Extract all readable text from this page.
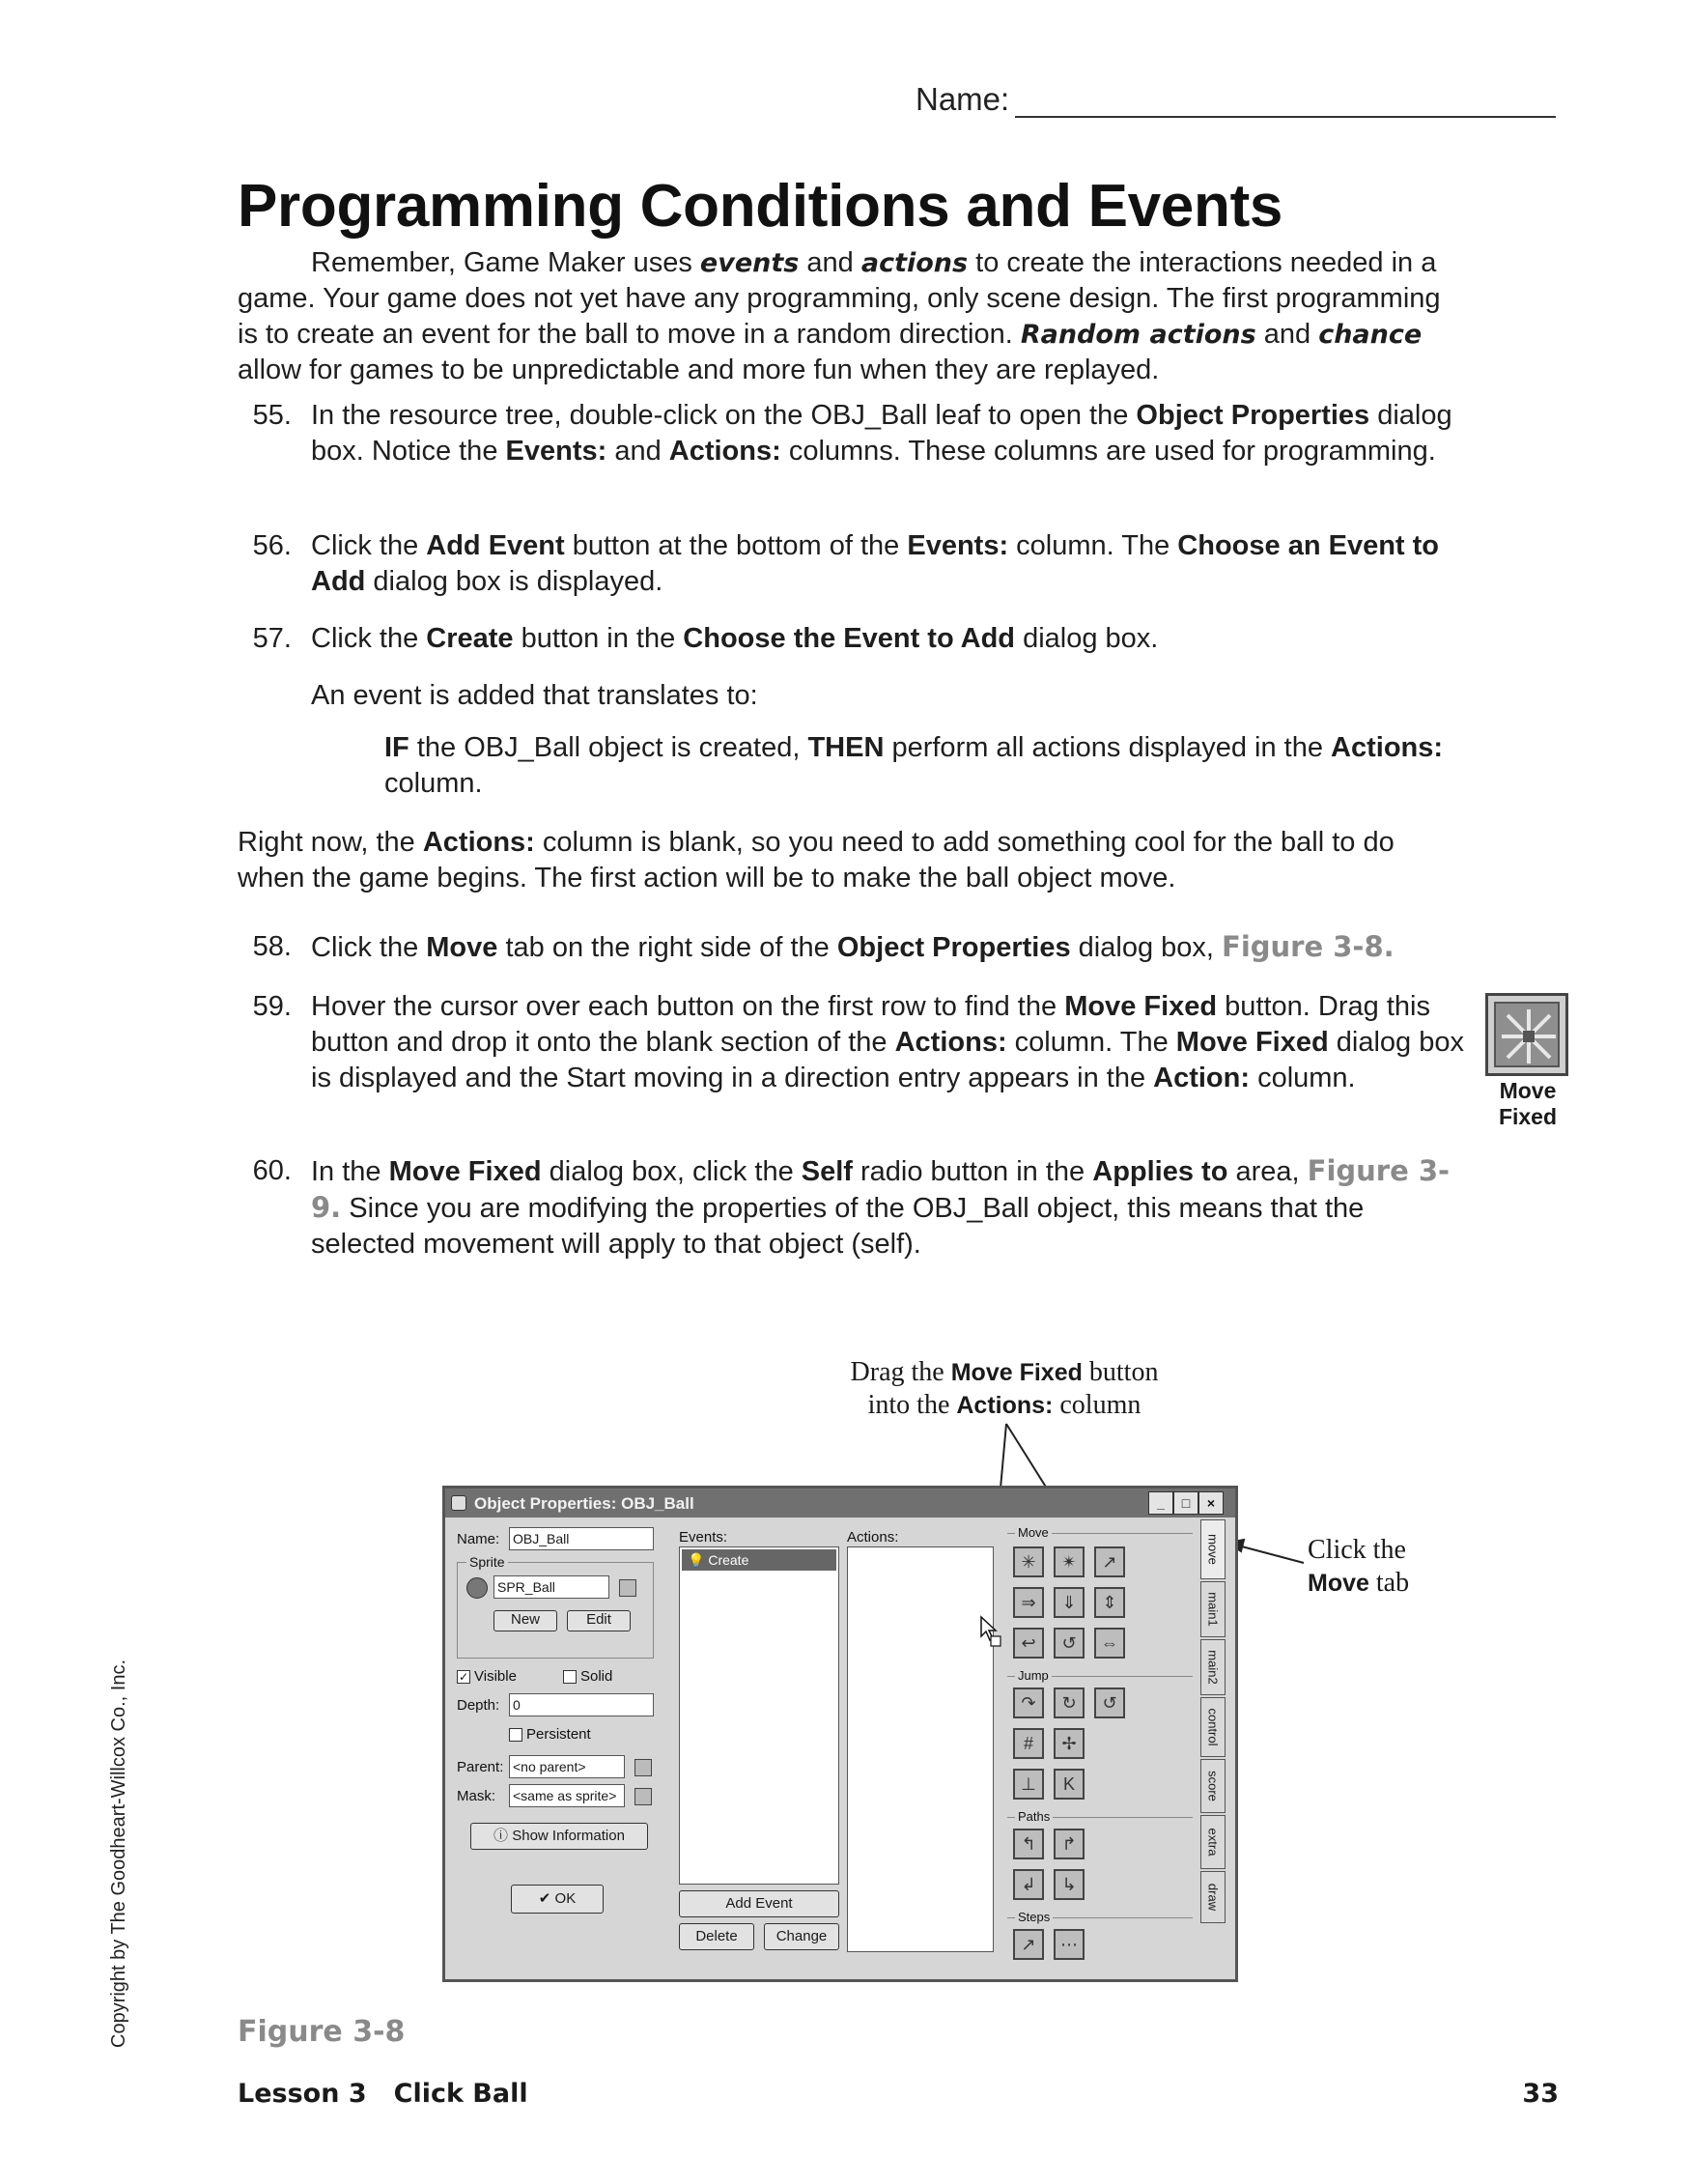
Name:
Programming Conditions and Events
Remember, Game Maker uses events and actions to create the interactions needed in a game. Your game does not yet have any programming, only scene design. The first programming is to create an event for the ball to move in a random direction. Random actions and chance allow for games to be unpredictable and more fun when they are replayed.
55. In the resource tree, double-click on the OBJ_Ball leaf to open the Object Properties dialog box. Notice the Events: and Actions: columns. These columns are used for programming.
56. Click the Add Event button at the bottom of the Events: column. The Choose an Event to Add dialog box is displayed.
57. Click the Create button in the Choose the Event to Add dialog box.
An event is added that translates to:
IF the OBJ_Ball object is created, THEN perform all actions displayed in the Actions: column.
Right now, the Actions: column is blank, so you need to add something cool for the ball to do when the game begins. The first action will be to make the ball object move.
58. Click the Move tab on the right side of the Object Properties dialog box, Figure 3-8.
59. Hover the cursor over each button on the first row to find the Move Fixed button. Drag this button and drop it onto the blank section of the Actions: column. The Move Fixed dialog box is displayed and the Start moving in a direction entry appears in the Action: column.
60. In the Move Fixed dialog box, click the Self radio button in the Applies to area, Figure 3-9. Since you are modifying the properties of the OBJ_Ball object, this means that the selected movement will apply to that object (self).
Move
Fixed
Drag the Move Fixed button
into the Actions: column
Click the
Move tab
Object Properties: OBJ_Ball	_	□	×
Name: OBJ_Ball
Sprite
SPR_Ball
New	Edit
✓ Visible	Solid
Depth: 0
Persistent
Parent: <no parent>
Mask: <same as sprite>
ⓘ Show Information
✔ OK
Events:
💡 Create
Add Event
Delete	Change
Actions:	Move
✳	✴	↗
⇒	⇓	⇕
↩	↺	⇔
Jump
↷	↻	↺
#	✢
⊥	K
Paths
↰	↱
↲	↳
Steps
↗	⋯
move
main1
main2
control
score
extra
draw
Copyright by The Goodheart-Willcox Co., Inc.	Figure 3-8
Lesson 3 Click Ball	33
